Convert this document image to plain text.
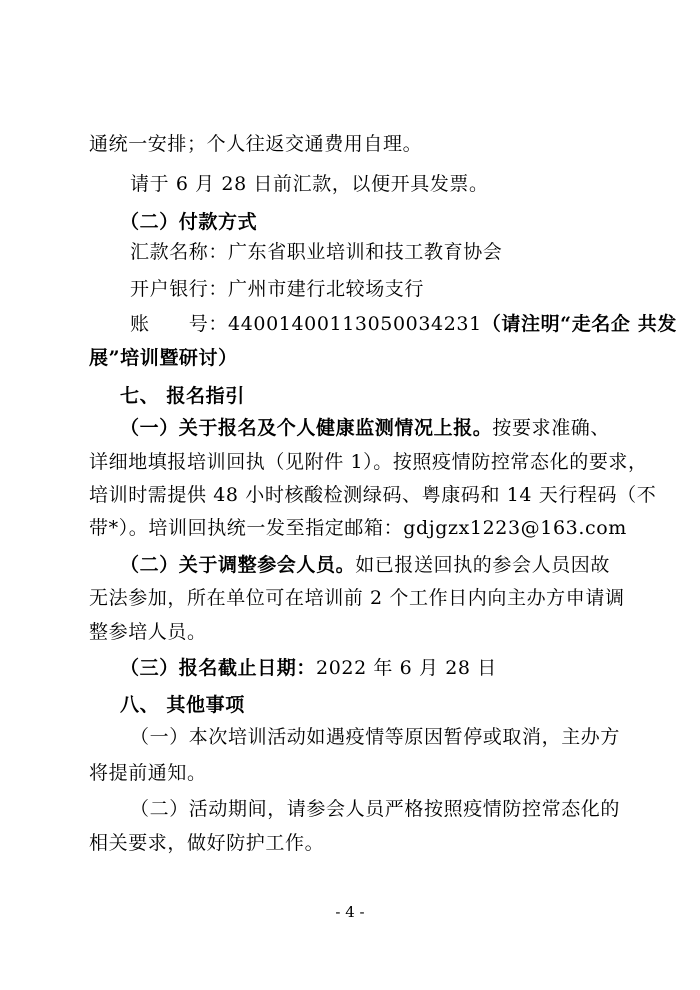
通统一安排；个人往返交通费用自理。
请于 6 月 28 日前汇款，以便开具发票。
（二）付款方式
汇款名称：广东省职业培训和技工教育协会
开户银行：广州市建行北较场支行
账　　号：44001400113050034231（请注明“走名企 共发
展”培训暨研讨）
七、 报名指引
（一）关于报名及个人健康监测情况上报。按要求准确、
详细地填报培训回执（见附件 1）。按照疫情防控常态化的要求，
培训时需提供 48 小时核酸检测绿码、粤康码和 14 天行程码（不
带*）。培训回执统一发至指定邮箱：gdjgzx1223@163.com
（二）关于调整参会人员。如已报送回执的参会人员因故
无法参加，所在单位可在培训前 2 个工作日内向主办方申请调
整参培人员。
（三）报名截止日期：2022 年 6 月 28 日
八、 其他事项
（一）本次培训活动如遇疫情等原因暂停或取消，主办方
将提前通知。
（二）活动期间，请参会人员严格按照疫情防控常态化的
相关要求，做好防护工作。
- 4 -
